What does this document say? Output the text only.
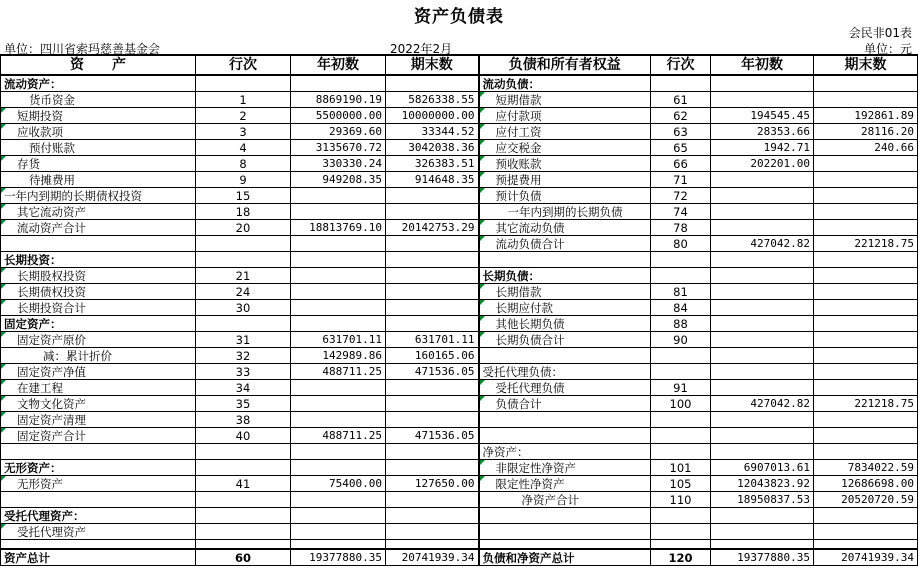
资产负债表
会民非01表
单位：四川省索玛慈善基金会	2022年2月	单位：元
资　　产	行次	年初数	期末数	负债和所有者权益	行次	年初数	期末数
流动资产：				流动负债：			
货币资金	1	8869190.19	5826338.55	短期借款	61		
短期投资	2	5500000.00	10000000.00	应付款项	62	194545.45	192861.89
应收款项	3	29369.60	33344.52	应付工资	63	28353.66	28116.20
预付账款	4	3135670.72	3042038.36	应交税金	65	1942.71	240.66
存货	8	330330.24	326383.51	预收账款	66	202201.00	
待摊费用	9	949208.35	914648.35	预提费用	71		
一年内到期的长期债权投资	15			预计负债	72		
其它流动资产	18			一年内到期的长期负债	74		
流动资产合计	20	18813769.10	20142753.29	其它流动负债	78		
				流动负债合计	80	427042.82	221218.75
长期投资：							
长期股权投资	21			长期负债：			
长期债权投资	24			长期借款	81		
长期投资合计	30			长期应付款	84		
固定资产：				其他长期负债	88		
固定资产原价	31	631701.11	631701.11	长期负债合计	90		
减：累计折价	32	142989.86	160165.06				
固定资产净值	33	488711.25	471536.05	受托代理负债：			
在建工程	34			受托代理负债	91		
文物文化资产	35			负债合计	100	427042.82	221218.75
固定资产清理	38						
固定资产合计	40	488711.25	471536.05				
				净资产：			
无形资产：				非限定性净资产	101	6907013.61	7834022.59
无形资产	41	75400.00	127650.00	限定性净资产	105	12043823.92	12686698.00
				净资产合计	110	18950837.53	20520720.59
受托代理资产：							
受托代理资产							

资产总计	60	19377880.35	20741939.34	负债和净资产总计	120	19377880.35	20741939.34
